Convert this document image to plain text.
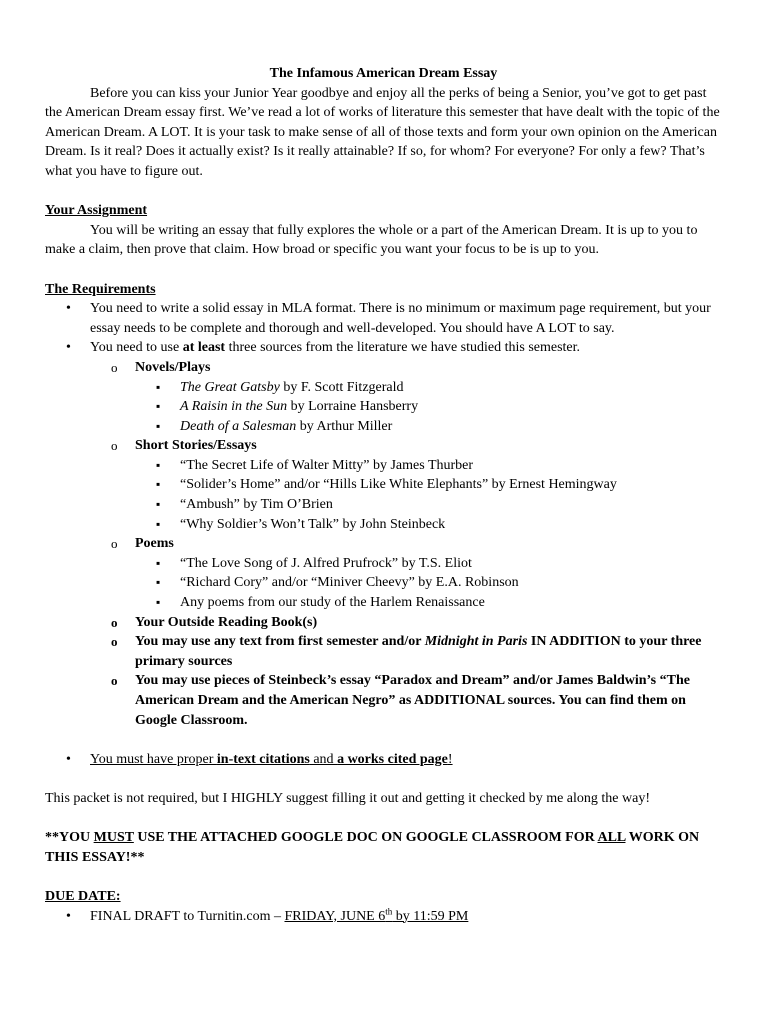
The Infamous American Dream Essay

Before you can kiss your Junior Year goodbye and enjoy all the perks of being a Senior, you’ve got to get past the American Dream essay first. We’ve read a lot of works of literature this semester that have dealt with the topic of the American Dream. A LOT. It is your task to make sense of all of those texts and form your own opinion on the American Dream. Is it real? Does it actually exist? Is it really attainable? If so, for whom? For everyone? For only a few? That’s what you have to figure out.

Your Assignment

You will be writing an essay that fully explores the whole or a part of the American Dream. It is up to you to make a claim, then prove that claim. How broad or specific you want your focus to be is up to you.

The Requirements

• You need to write a solid essay in MLA format. There is no minimum or maximum page requirement, but your essay needs to be complete and thorough and well-developed. You should have A LOT to say.
• You need to use at least three sources from the literature we have studied this semester.
o Novels/Plays
▪ The Great Gatsby by F. Scott Fitzgerald
▪ A Raisin in the Sun by Lorraine Hansberry
▪ Death of a Salesman by Arthur Miller
o Short Stories/Essays
▪ “The Secret Life of Walter Mitty” by James Thurber
▪ “Solider’s Home” and/or “Hills Like White Elephants” by Ernest Hemingway
▪ “Ambush” by Tim O’Brien
▪ “Why Soldier’s Won’t Talk” by John Steinbeck
o Poems
▪ “The Love Song of J. Alfred Prufrock” by T.S. Eliot
▪ “Richard Cory” and/or “Miniver Cheevy” by E.A. Robinson
▪ Any poems from our study of the Harlem Renaissance
o Your Outside Reading Book(s)
o You may use any text from first semester and/or Midnight in Paris IN ADDITION to your three primary sources
o You may use pieces of Steinbeck’s essay “Paradox and Dream” and/or James Baldwin’s “The American Dream and the American Negro” as ADDITIONAL sources. You can find them on Google Classroom.
• You must have proper in-text citations and a works cited page!

This packet is not required, but I HIGHLY suggest filling it out and getting it checked by me along the way!

**YOU MUST USE THE ATTACHED GOOGLE DOC ON GOOGLE CLASSROOM FOR ALL WORK ON THIS ESSAY!**

DUE DATE:

• FINAL DRAFT to Turnitin.com – FRIDAY, JUNE 6th by 11:59 PM
